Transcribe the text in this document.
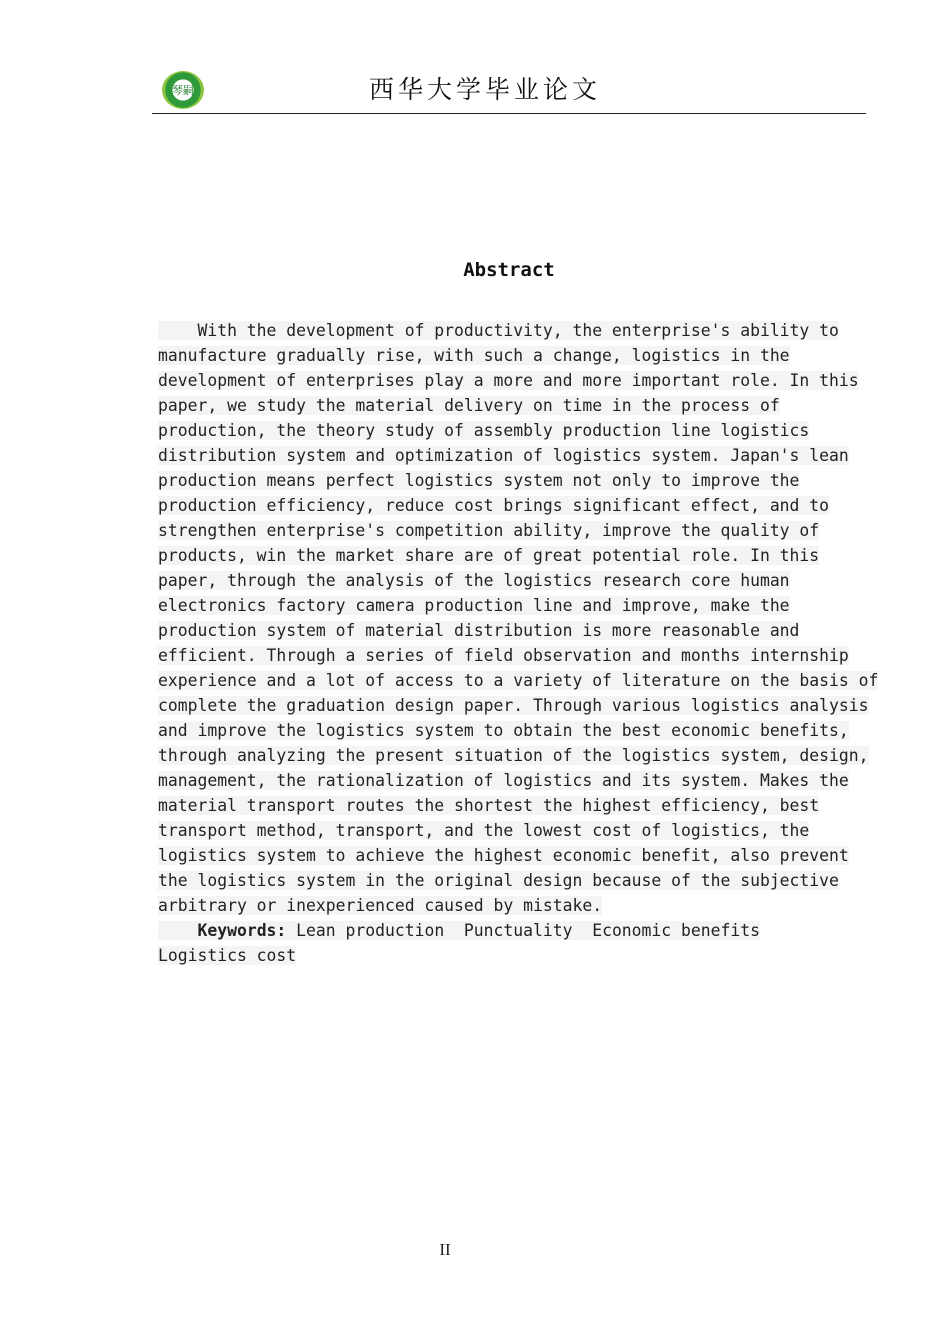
琴嗣	西华大学毕业论文
Abstract
With the development of productivity, the enterprise's ability to
manufacture gradually rise, with such a change, logistics in the
development of enterprises play a more and more important role. In this
paper, we study the material delivery on time in the process of
production, the theory study of assembly production line logistics
distribution system and optimization of logistics system. Japan's lean
production means perfect logistics system not only to improve the
production efficiency, reduce cost brings significant effect, and to
strengthen enterprise's competition ability, improve the quality of
products, win the market share are of great potential role. In this
paper, through the analysis of the logistics research core human
electronics factory camera production line and improve, make the
production system of material distribution is more reasonable and
efficient. Through a series of field observation and months internship
experience and a lot of access to a variety of literature on the basis of
complete the graduation design paper. Through various logistics analysis
and improve the logistics system to obtain the best economic benefits,
through analyzing the present situation of the logistics system, design,
management, the rationalization of logistics and its system. Makes the
material transport routes the shortest the highest efficiency, best
transport method, transport, and the lowest cost of logistics, the
logistics system to achieve the highest economic benefit, also prevent
the logistics system in the original design because of the subjective
arbitrary or inexperienced caused by mistake.
Keywords: Lean production  Punctuality  Economic benefits
Logistics cost
II
